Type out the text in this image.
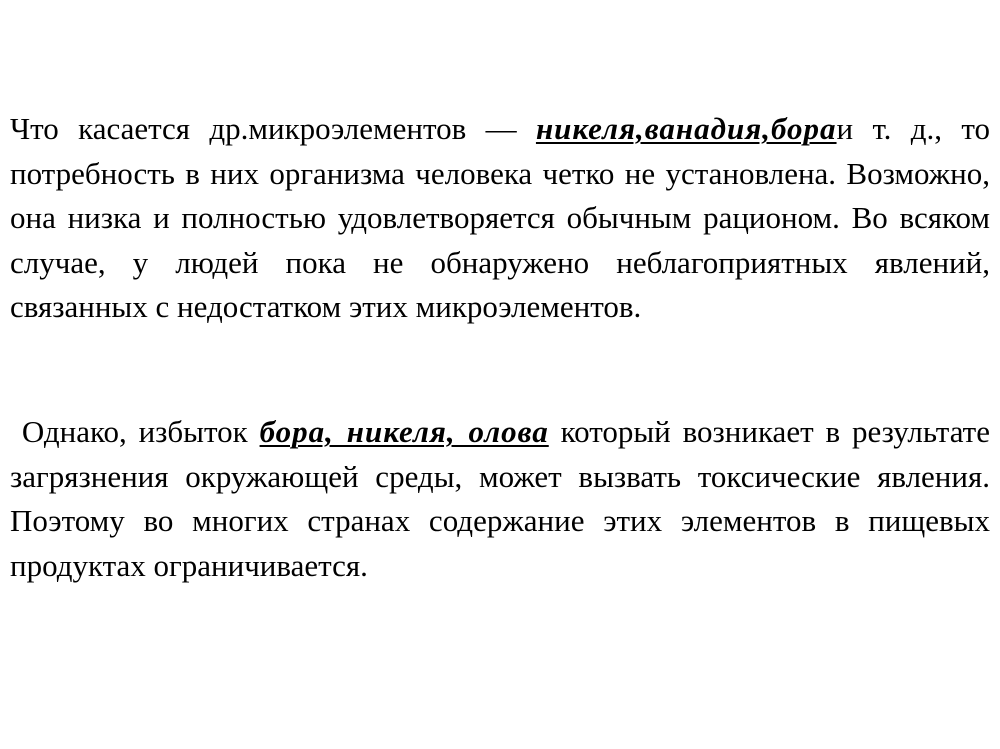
Что касается др.микроэлементов — никеля,ванадия,бораи т. д., то потребность в них организма человека четко не установлена. Возможно, она низка и полностью удовлетворяется обычным рационом. Во всяком случае, у людей пока не обнаружено неблагоприятных явлений, связанных с недостатком этих микроэлементов.

Однако, избыток бора, никеля, олова который возникает в результате загрязнения окружающей среды, может вызвать токсические явления. Поэтому во многих странах содержание этих элементов в пищевых продуктах ограничивается.
